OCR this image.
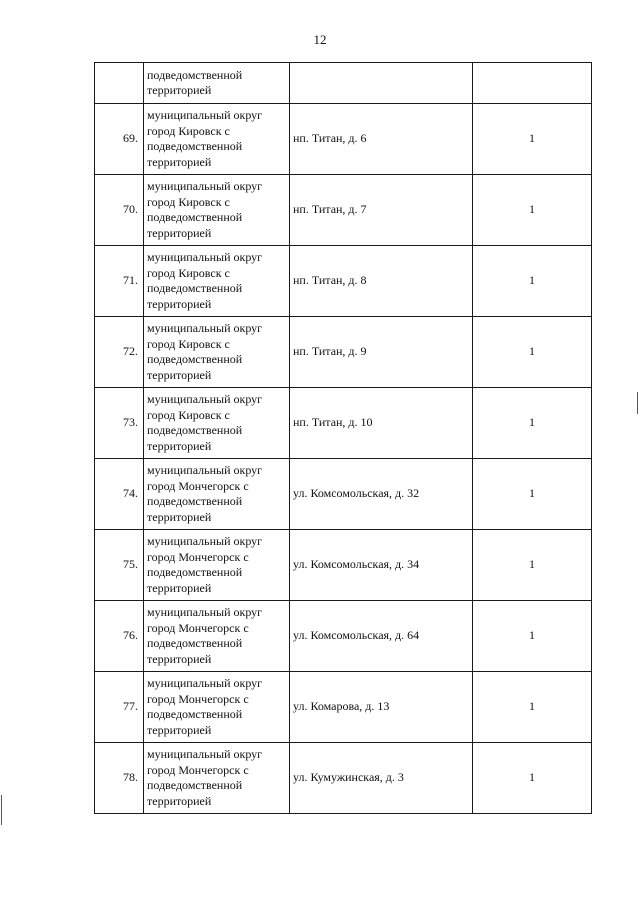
12

	подведомственной
территорией		

69.	муниципальный округ
город Кировск с
подведомственной
территорией	нп. Титан, д. 6	1
70.	муниципальный округ
город Кировск с
подведомственной
территорией	нп. Титан, д. 7	1
71.	муниципальный округ
город Кировск с
подведомственной
территорией	нп. Титан, д. 8	1
72.	муниципальный округ
город Кировск с
подведомственной
территорией	нп. Титан, д. 9	1
73.	муниципальный округ
город Кировск с
подведомственной
территорией	нп. Титан, д. 10	1
74.	муниципальный округ
город Мончегорск с
подведомственной
территорией	ул. Комсомольская, д. 32	1
75.	муниципальный округ
город Мончегорск с
подведомственной
территорией	ул. Комсомольская, д. 34	1
76.	муниципальный округ
город Мончегорск с
подведомственной
территорией	ул. Комсомольская, д. 64	1
77.	муниципальный округ
город Мончегорск с
подведомственной
территорией	ул. Комарова, д. 13	1
78.	муниципальный округ
город Мончегорск с
подведомственной
территорией	ул. Кумужинская, д. 3	1
